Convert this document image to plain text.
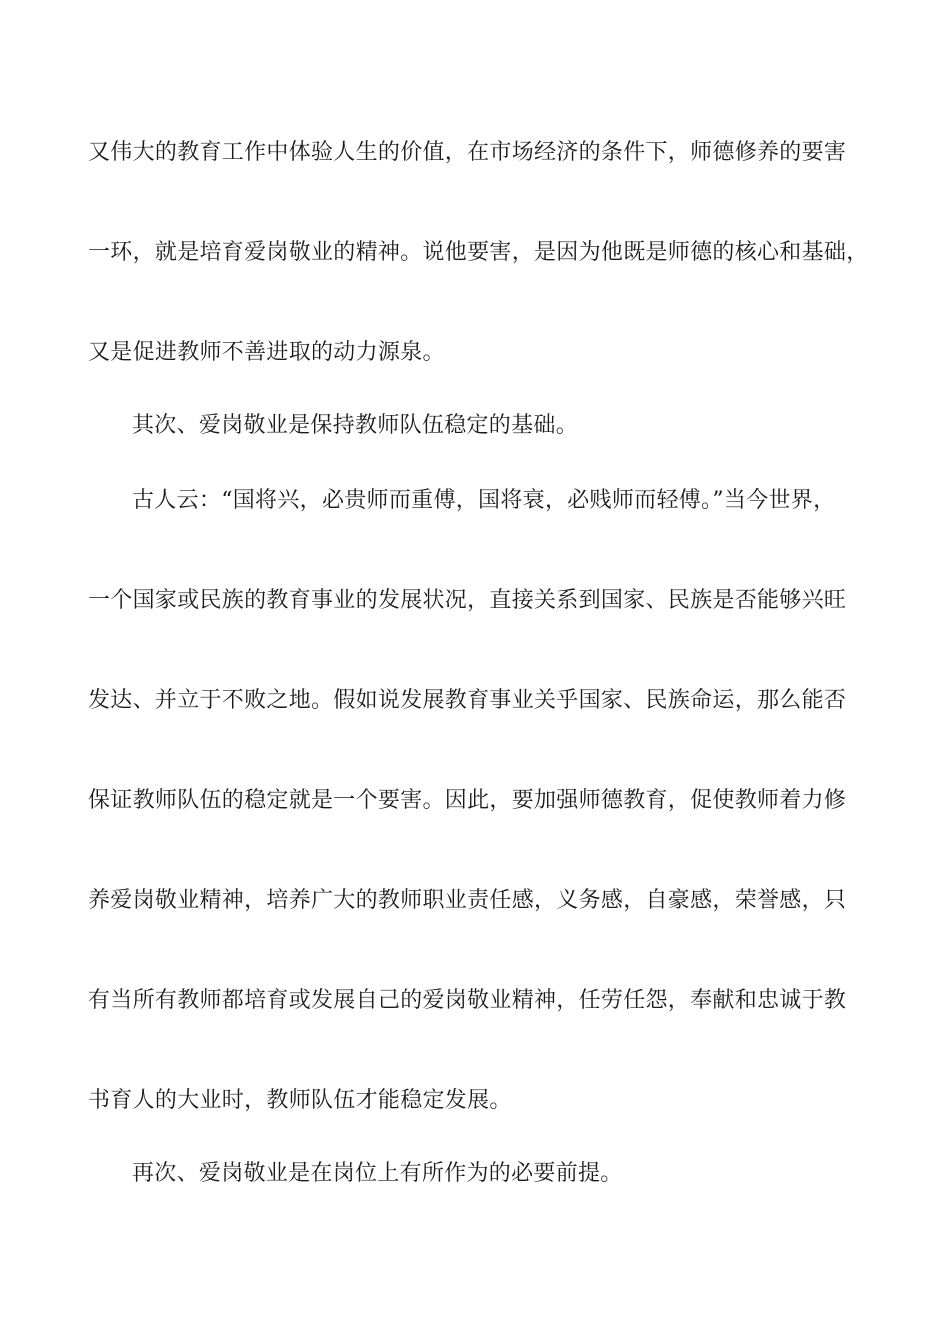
又伟大的教育工作中体验人生的价值，在市场经济的条件下，师德修养的要害
一环，就是培育爱岗敬业的精神。说他要害，是因为他既是师德的核心和基础，
又是促进教师不善进取的动力源泉。
其次、爱岗敬业是保持教师队伍稳定的基础。
古人云：“国将兴，必贵师而重傅，国将衰，必贱师而轻傅。”当今世界，
一个国家或民族的教育事业的发展状况，直接关系到国家、民族是否能够兴旺
发达、并立于不败之地。假如说发展教育事业关乎国家、民族命运，那么能否
保证教师队伍的稳定就是一个要害。因此，要加强师德教育，促使教师着力修
养爱岗敬业精神，培养广大的教师职业责任感，义务感，自豪感，荣誉感，只
有当所有教师都培育或发展自己的爱岗敬业精神，任劳任怨，奉献和忠诚于教
书育人的大业时，教师队伍才能稳定发展。
再次、爱岗敬业是在岗位上有所作为的必要前提。
